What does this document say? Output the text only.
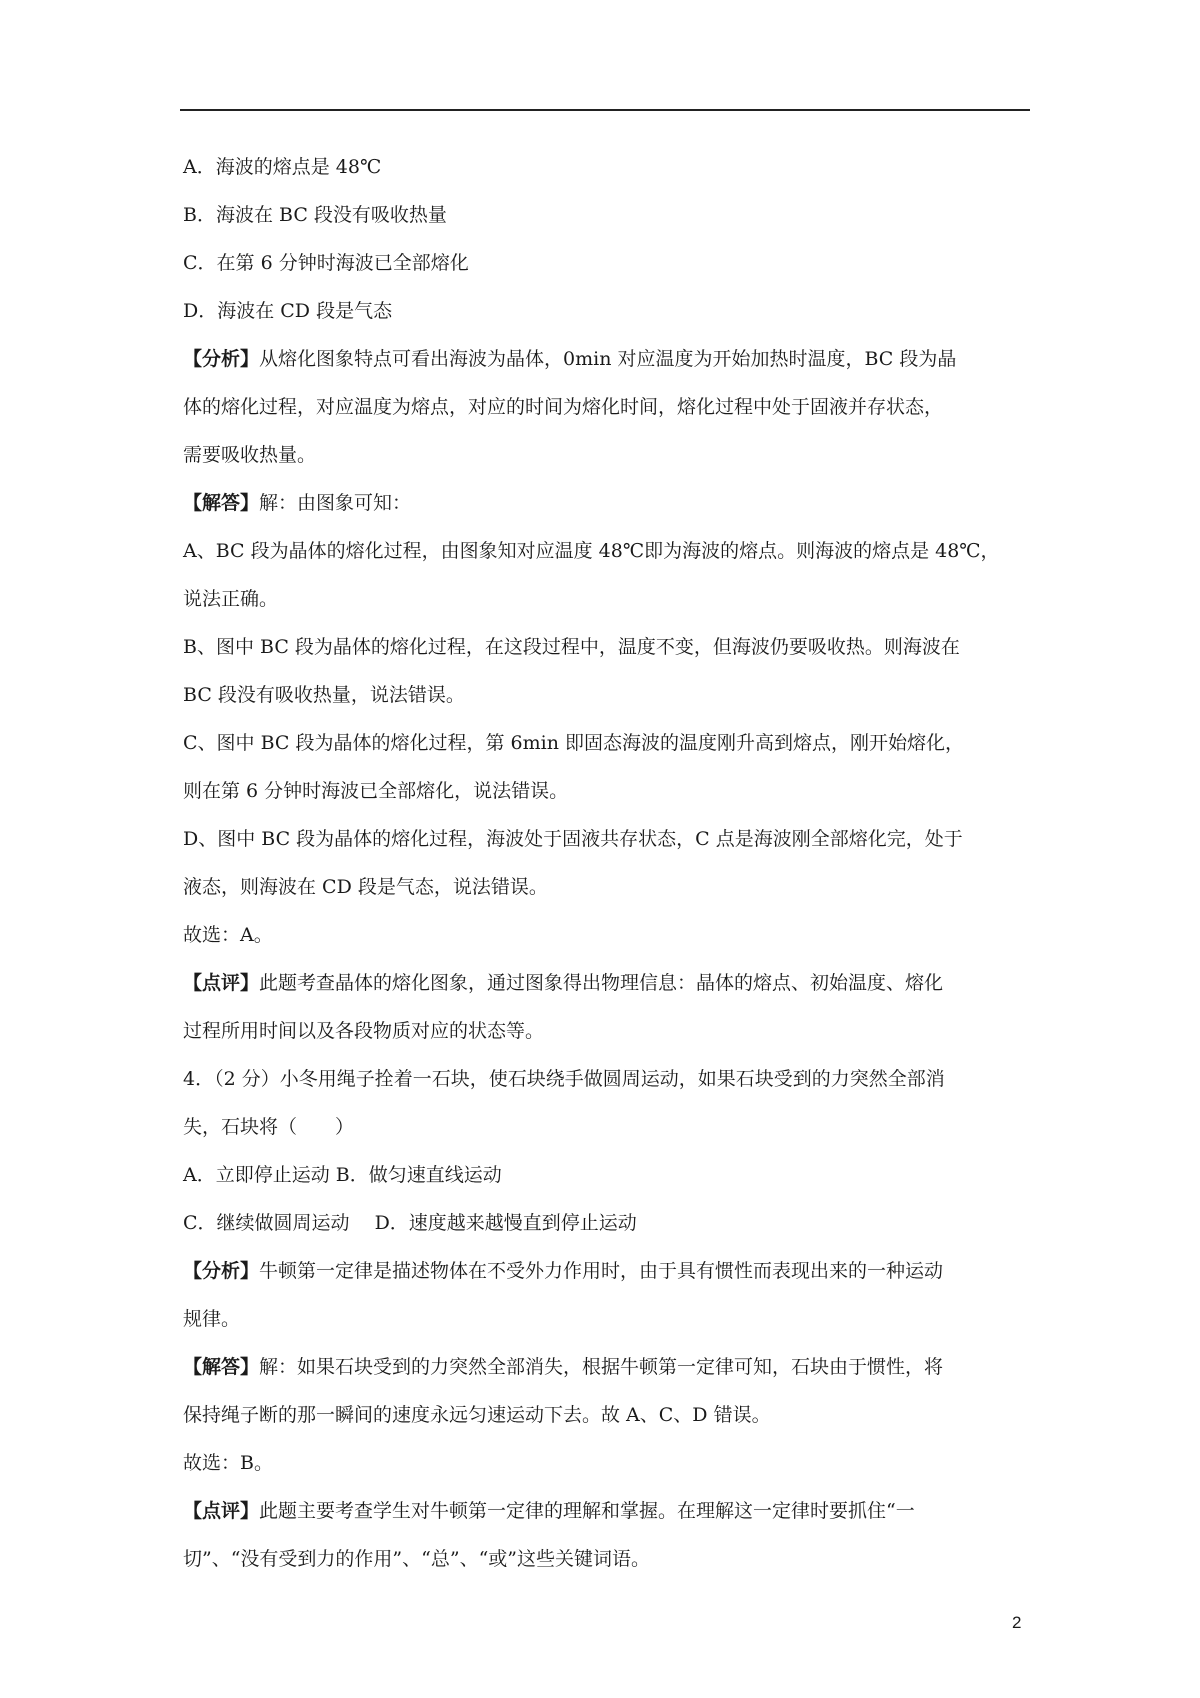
A．海波的熔点是 48℃

B．海波在 BC 段没有吸收热量

C．在第 6 分钟时海波已全部熔化

D．海波在 CD 段是气态

【分析】从熔化图象特点可看出海波为晶体，0min 对应温度为开始加热时温度，BC 段为晶

体的熔化过程，对应温度为熔点，对应的时间为熔化时间，熔化过程中处于固液并存状态，

需要吸收热量。

【解答】解：由图象可知：

A、BC 段为晶体的熔化过程，由图象知对应温度 48℃即为海波的熔点。则海波的熔点是 48℃，

说法正确。

B、图中 BC 段为晶体的熔化过程，在这段过程中，温度不变，但海波仍要吸收热。则海波在

BC 段没有吸收热量，说法错误。

C、图中 BC 段为晶体的熔化过程，第 6min 即固态海波的温度刚升高到熔点，刚开始熔化，

则在第 6 分钟时海波已全部熔化，说法错误。

D、图中 BC 段为晶体的熔化过程，海波处于固液共存状态，C 点是海波刚全部熔化完，处于

液态，则海波在 CD 段是气态，说法错误。

故选：A。

【点评】此题考查晶体的熔化图象，通过图象得出物理信息：晶体的熔点、初始温度、熔化

过程所用时间以及各段物质对应的状态等。

4．（2 分）小冬用绳子拴着一石块，使石块绕手做圆周运动，如果石块受到的力突然全部消

失，石块将（　　）

A．立即停止运动 B．做匀速直线运动

C．继续做圆周运动　 D．速度越来越慢直到停止运动

【分析】牛顿第一定律是描述物体在不受外力作用时，由于具有惯性而表现出来的一种运动

规律。

【解答】解：如果石块受到的力突然全部消失，根据牛顿第一定律可知，石块由于惯性，将

保持绳子断的那一瞬间的速度永远匀速运动下去。故 A、C、D 错误。

故选：B。

【点评】此题主要考查学生对牛顿第一定律的理解和掌握。在理解这一定律时要抓住“一

切”、“没有受到力的作用”、“总”、“或”这些关键词语。

2
